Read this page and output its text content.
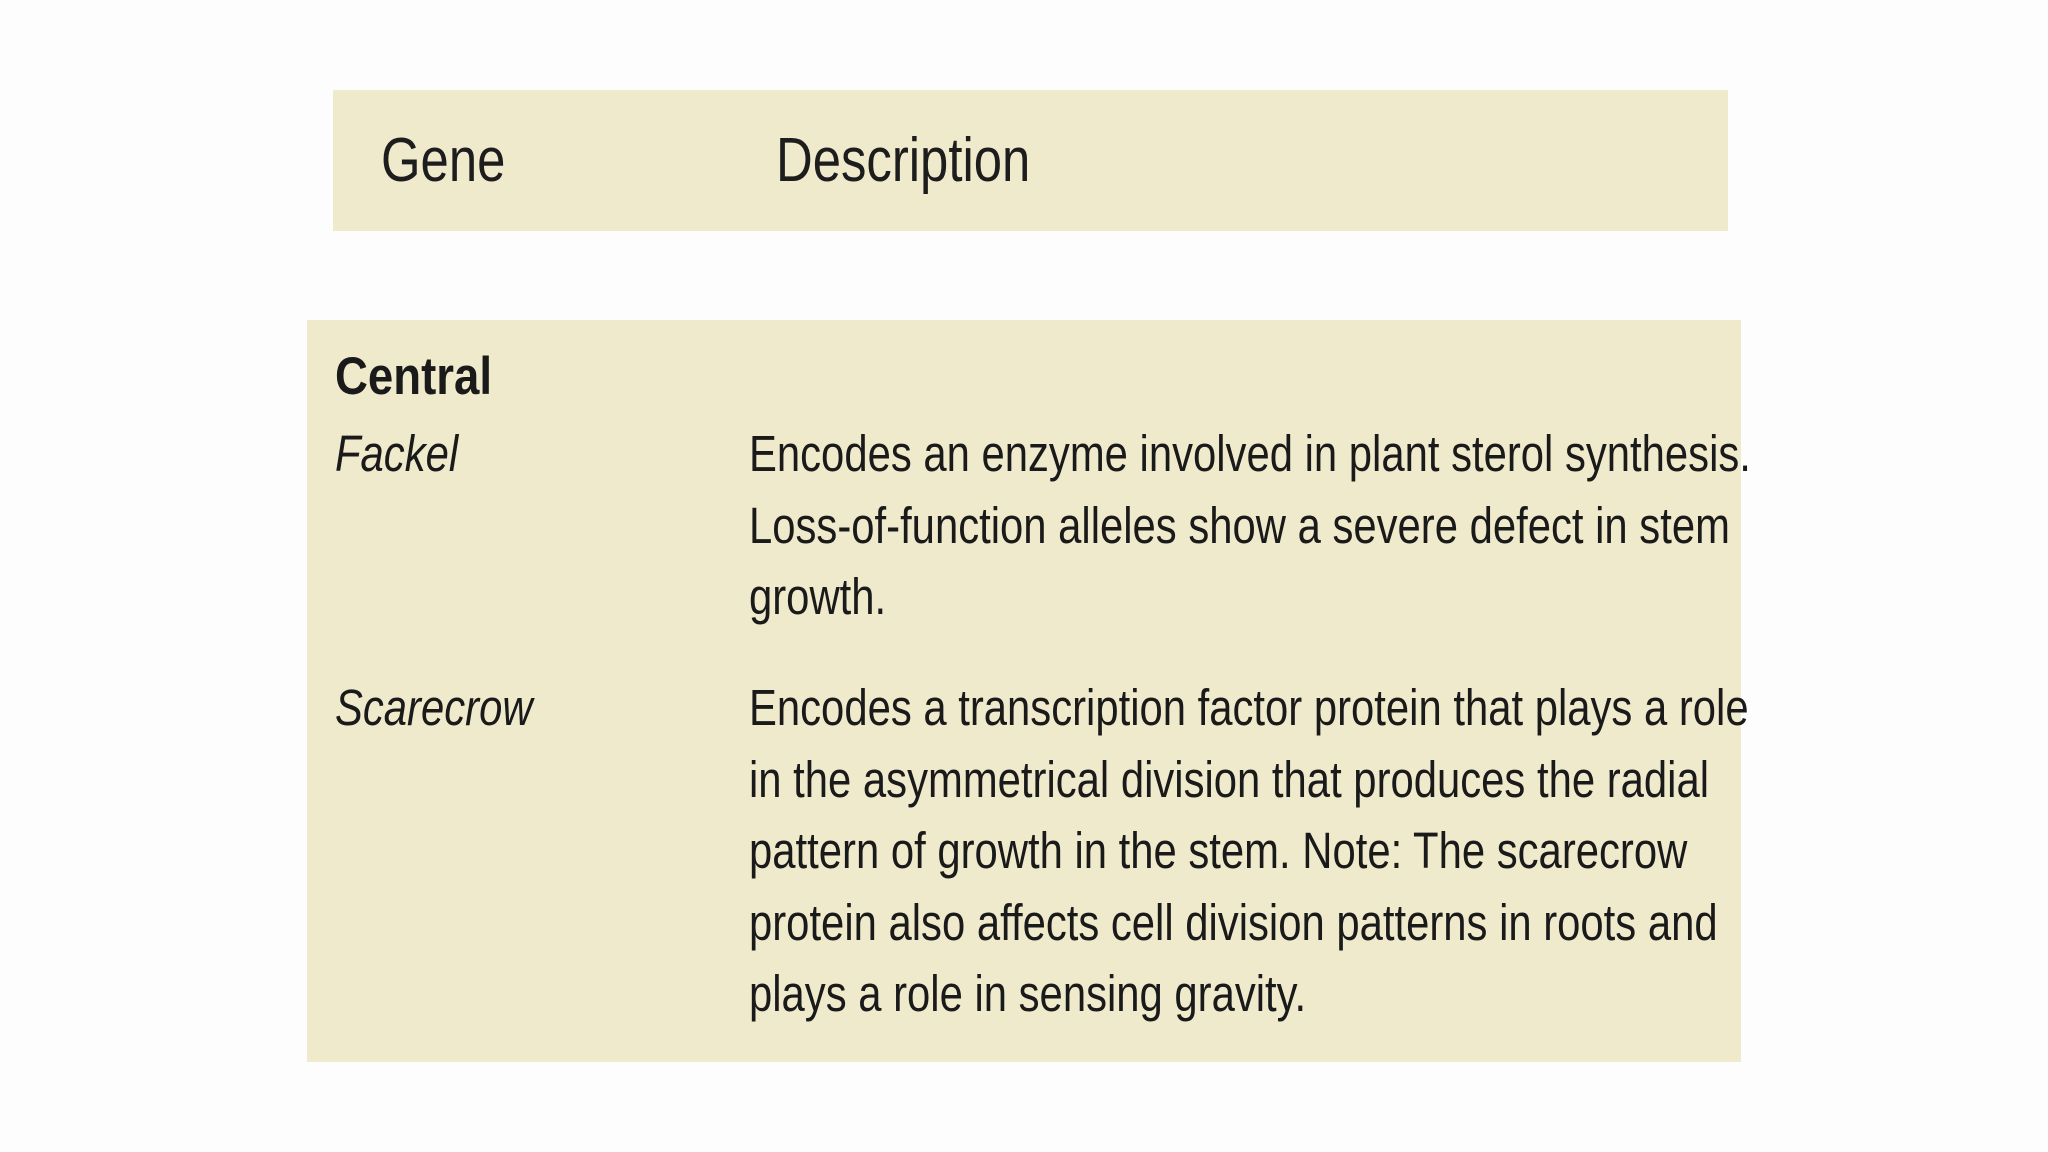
Gene	Description
Central
Fackel	Encodes an enzyme involved in plant sterol synthesis.
Loss-of-function alleles show a severe defect in stem
growth.
Scarecrow	Encodes a transcription factor protein that plays a role
in the asymmetrical division that produces the radial
pattern of growth in the stem. Note: The scarecrow
protein also affects cell division patterns in roots and
plays a role in sensing gravity.
